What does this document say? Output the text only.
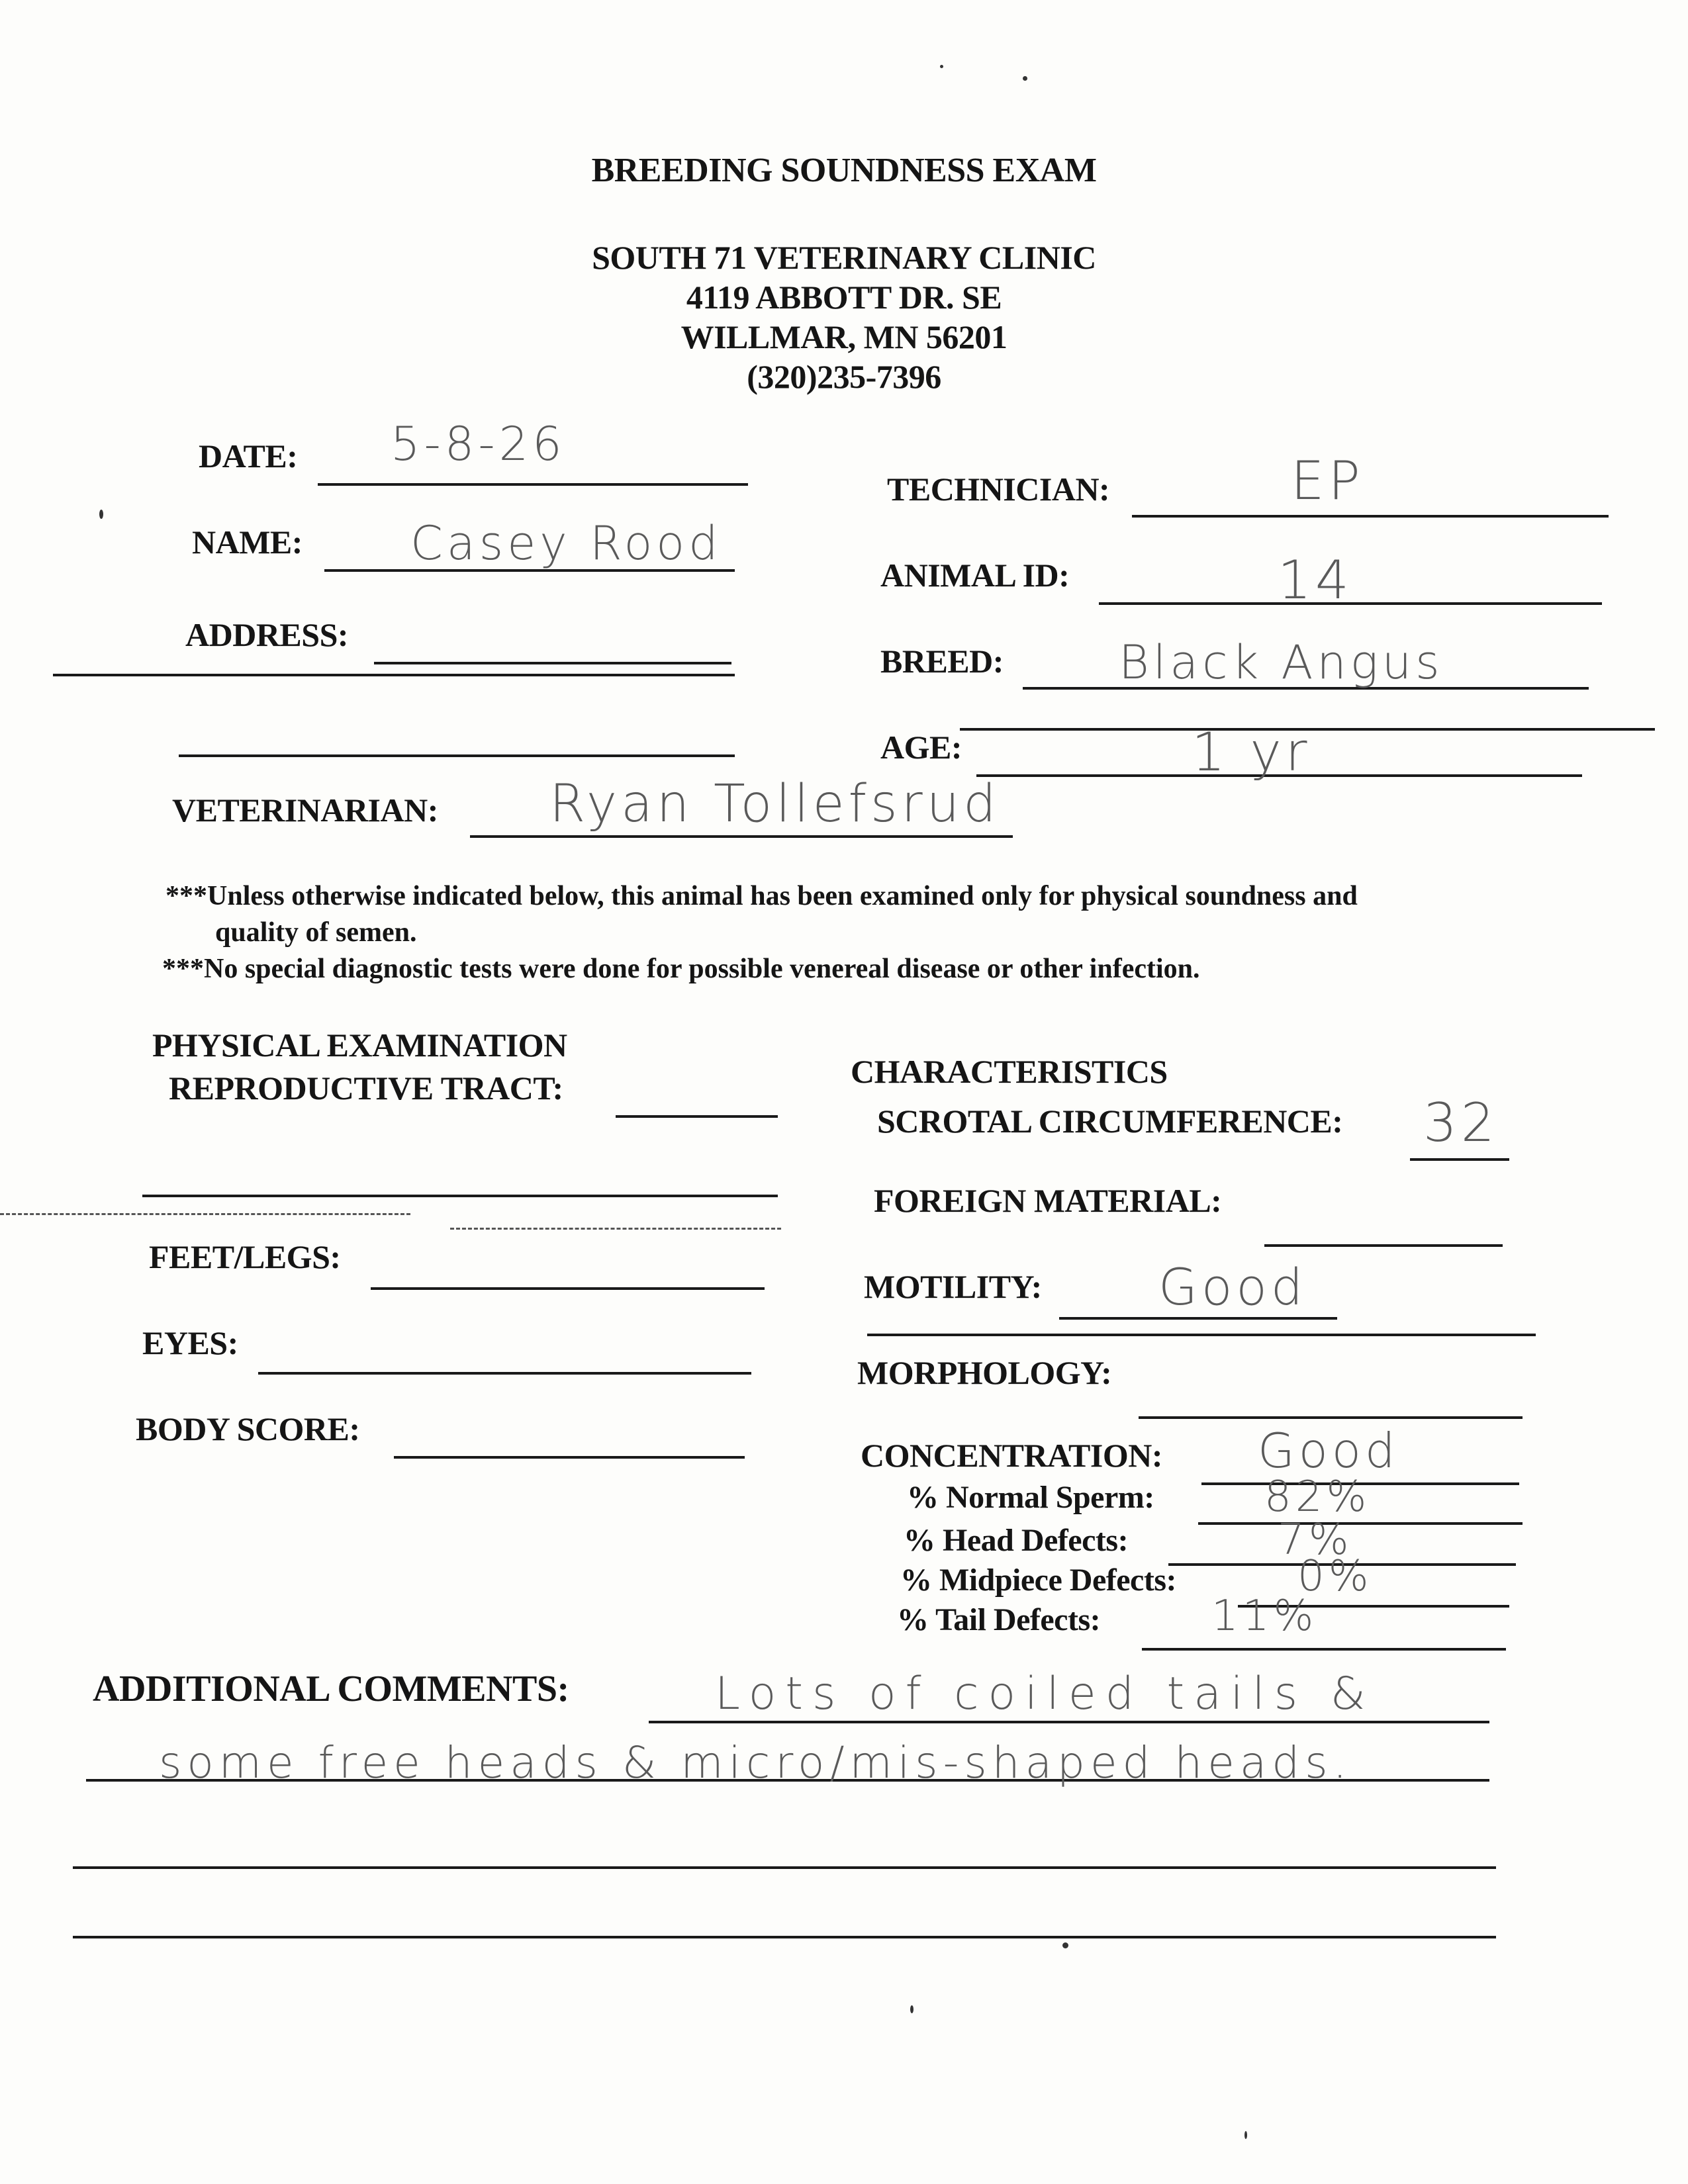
BREEDING SOUNDNESS EXAM
SOUTH 71 VETERINARY CLINIC
4119 ABBOTT DR. SE
WILLMAR, MN 56201
(320)235-7396
DATE: 5-8-26
NAME: Casey Rood
ADDRESS:
VETERINARIAN: Ryan Tollefsrud
TECHNICIAN:	EP
ANIMAL ID:	14
BREED: Black Angus
AGE:	1 yr
***Unless otherwise indicated below, this animal has been examined only for physical soundness and
quality of semen.
***No special diagnostic tests were done for possible venereal disease or other infection.
PHYSICAL EXAMINATION
REPRODUCTIVE TRACT:
FEET/LEGS:
EYES:
BODY SCORE:
CHARACTERISTICS
SCROTAL CIRCUMFERENCE: 32
FOREIGN MATERIAL:
MOTILITY: Good
MORPHOLOGY:
CONCENTRATION: Good
% Normal Sperm:	82%
% Head Defects:	7%
% Midpiece Defects:	0%
% Tail Defects:	11%
ADDITIONAL COMMENTS:	Lots of coiled tails &
some free heads & micro/mis-shaped heads.
